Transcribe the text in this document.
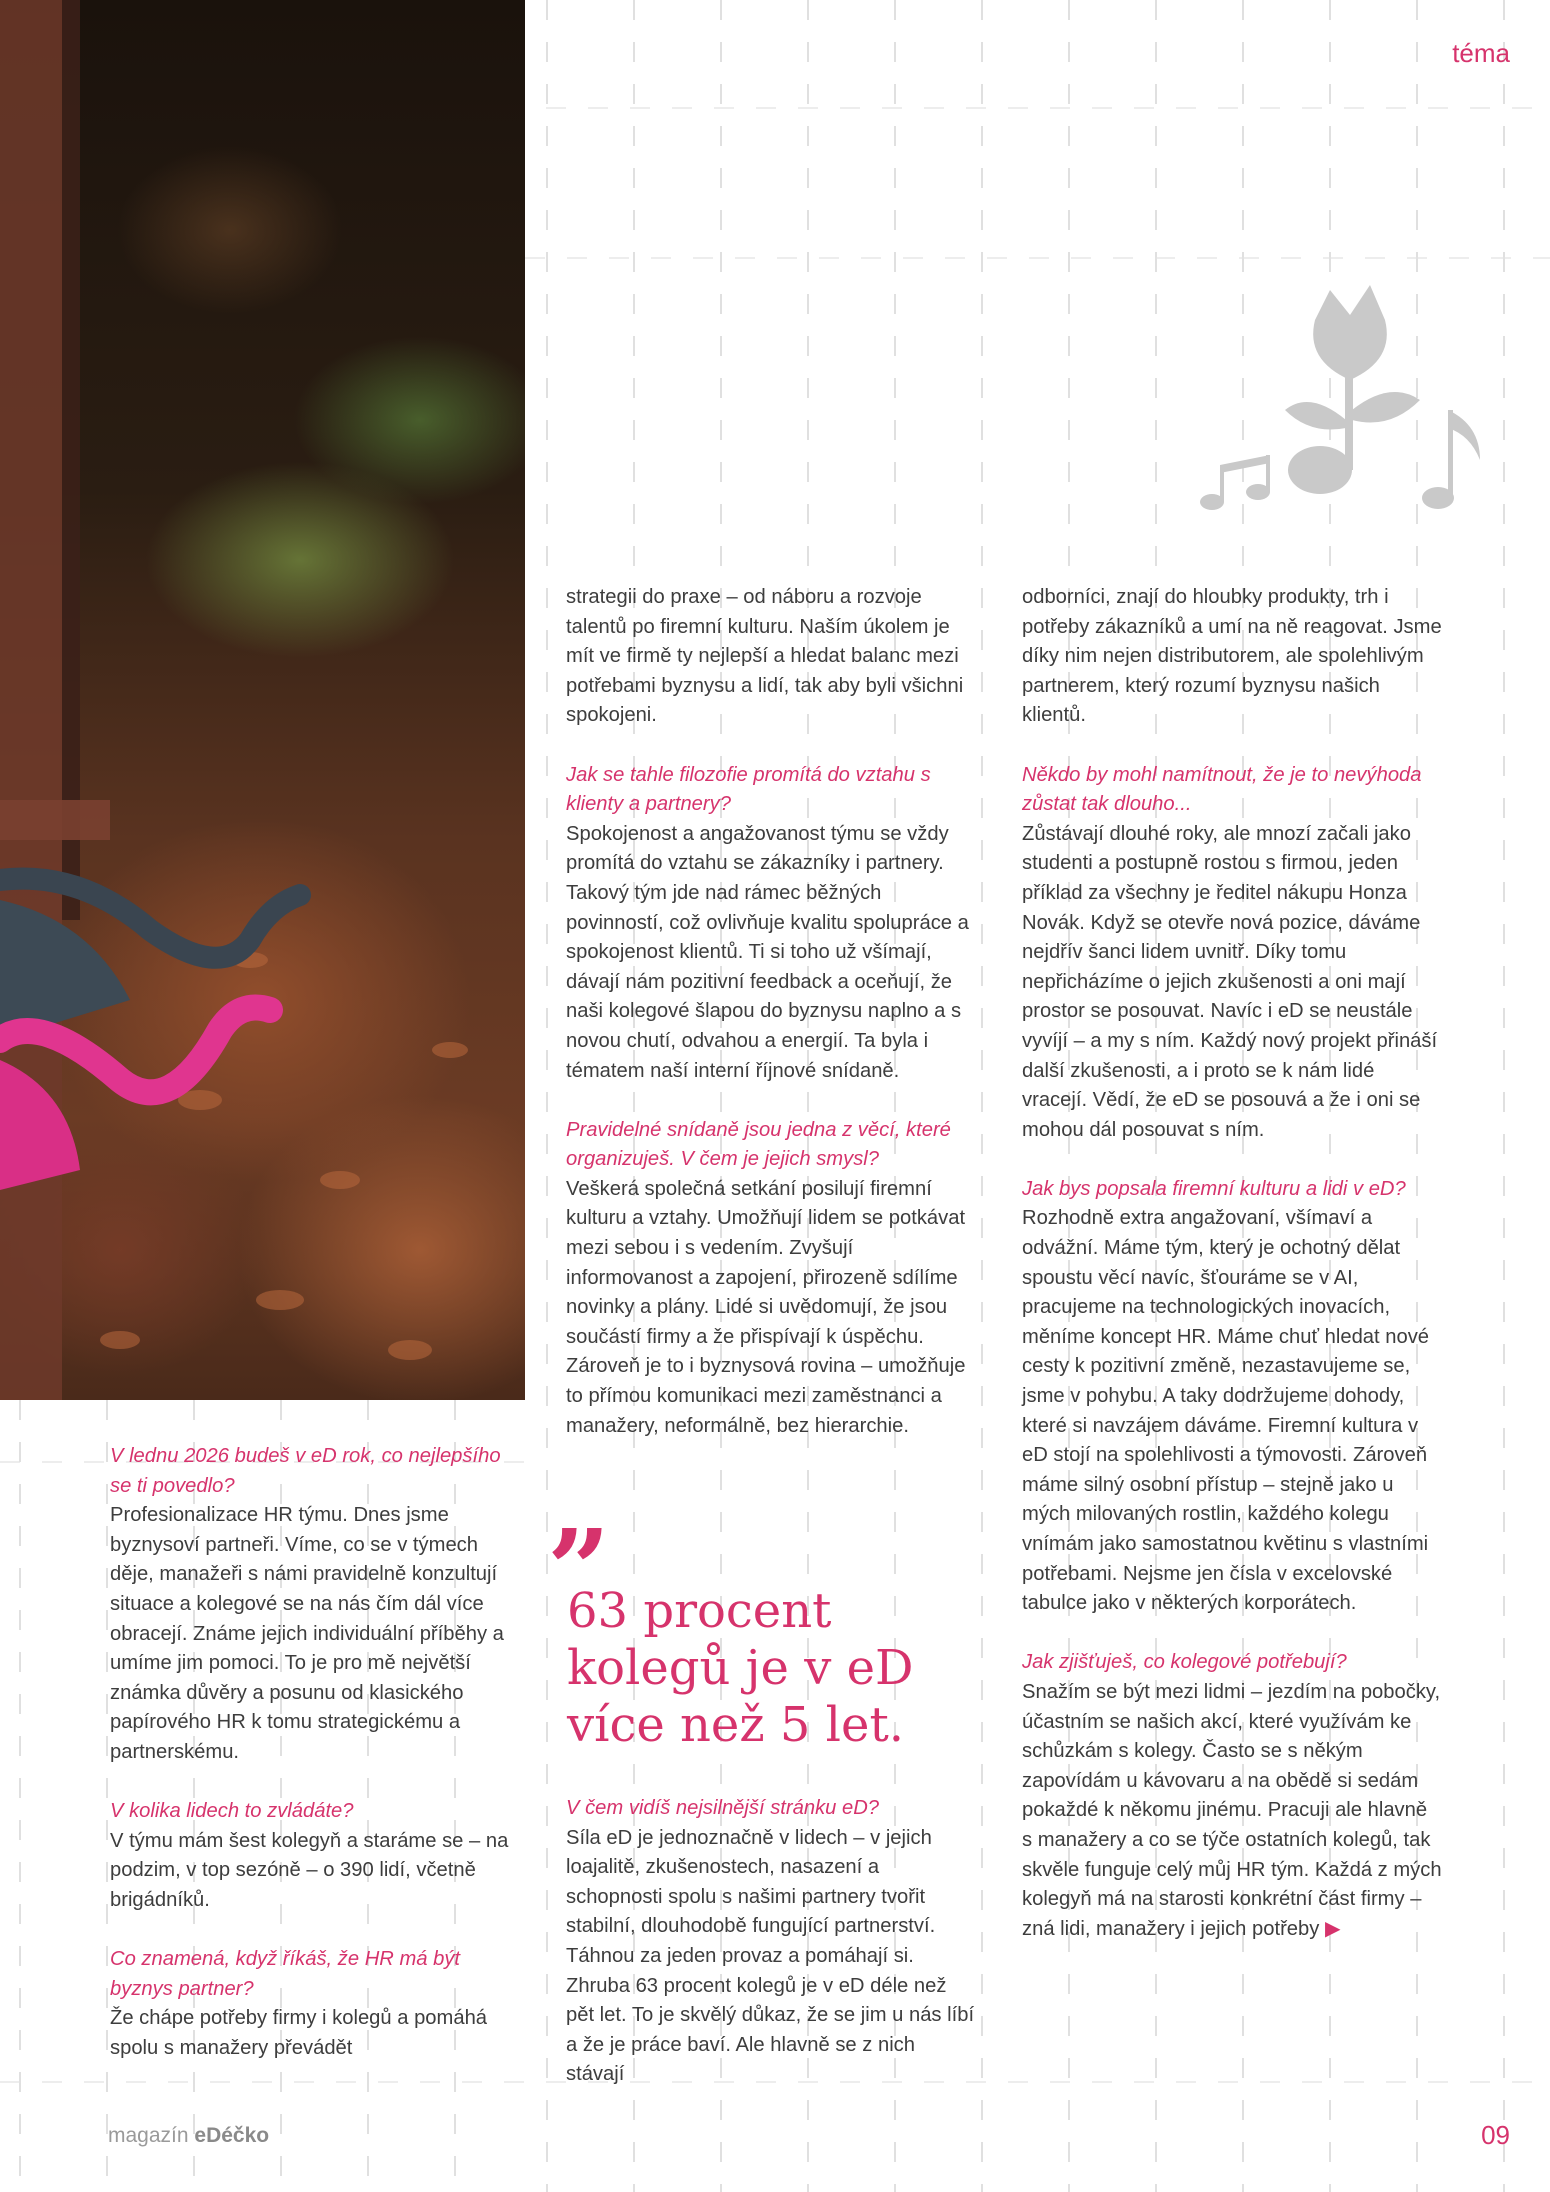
téma

V lednu 2026 budeš v eD rok, co nejlepšího se ti povedlo?
Profesionalizace HR týmu. Dnes jsme byznysoví partneři. Víme, co se v týmech děje, manažeři s námi pravidelně konzultují situace a kolegové se na nás čím dál více obracejí. Známe jejich individuální příběhy a umíme jim pomoci. To je pro mě největší známka důvěry a posunu od klasického papírového HR k tomu strategickému a partnerskému.

V kolika lidech to zvládáte?
V týmu mám šest kolegyň a staráme se – na podzim, v top sezóně – o 390 lidí, včetně brigádníků.

Co znamená, když říkáš, že HR má být byznys partner?
Že chápe potřeby firmy i kolegů a pomáhá spolu s manažery převádět

strategii do praxe – od náboru a rozvoje talentů po firemní kulturu. Naším úkolem je mít ve firmě ty nejlepší a hledat balanc mezi potřebami byznysu a lidí, tak aby byli všichni spokojeni.

Jak se tahle filozofie promítá do vztahu s klienty a partnery?
Spokojenost a angažovanost týmu se vždy promítá do vztahu se zákazníky i partnery. Takový tým jde nad rámec běžných povinností, což ovlivňuje kvalitu spolupráce a spokojenost klientů. Ti si toho už všímají, dávají nám pozitivní feedback a oceňují, že naši kolegové šlapou do byznysu naplno a s novou chutí, odvahou a energií. Ta byla i tématem naší interní říjnové snídaně.

Pravidelné snídaně jsou jedna z věcí, které organizuješ. V čem je jejich smysl?
Veškerá společná setkání posilují firemní kulturu a vztahy. Umožňují lidem se potkávat mezi sebou i s vedením. Zvyšují informovanost a zapojení, přirozeně sdílíme novinky a plány. Lidé si uvědomují, že jsou součástí firmy a že přispívají k úspěchu. Zároveň je to i byznysová rovina – umožňuje to přímou komunikaci mezi zaměstnanci a manažery, neformálně, bez hierarchie.

”
63 procent kolegů je v eD více než 5 let.

V čem vidíš nejsilnější stránku eD?
Síla eD je jednoznačně v lidech – v jejich loajalitě, zkušenostech, nasazení a schopnosti spolu s našimi partnery tvořit stabilní, dlouhodobě fungující partnerství. Táhnou za jeden provaz a pomáhají si. Zhruba 63 procent kolegů je v eD déle než pět let. To je skvělý důkaz, že se jim u nás líbí a že je práce baví. Ale hlavně se z nich stávají

odborníci, znají do hloubky produkty, trh i potřeby zákazníků a umí na ně reagovat. Jsme díky nim nejen distributorem, ale spolehlivým partnerem, který rozumí byznysu našich klientů.

Někdo by mohl namítnout, že je to nevýhoda zůstat tak dlouho...
Zůstávají dlouhé roky, ale mnozí začali jako studenti a postupně rostou s firmou, jeden příklad za všechny je ředitel nákupu Honza Novák. Když se otevře nová pozice, dáváme nejdřív šanci lidem uvnitř. Díky tomu nepřicházíme o jejich zkušenosti a oni mají prostor se posouvat. Navíc i eD se neustále vyvíjí – a my s ním. Každý nový projekt přináší další zkušenosti, a i proto se k nám lidé vracejí. Vědí, že eD se posouvá a že i oni se mohou dál posouvat s ním.

Jak bys popsala firemní kulturu a lidi v eD?
Rozhodně extra angažovaní, všímaví a odvážní. Máme tým, který je ochotný dělat spoustu věcí navíc, šťouráme se v AI, pracujeme na technologických inovacích, měníme koncept HR. Máme chuť hledat nové cesty k pozitivní změně, nezastavujeme se, jsme v pohybu. A taky dodržujeme dohody, které si navzájem dáváme. Firemní kultura v eD stojí na spolehlivosti a týmovosti. Zároveň máme silný osobní přístup – stejně jako u mých milovaných rostlin, každého kolegu vnímám jako samostatnou květinu s vlastními potřebami. Nejsme jen čísla v excelovské tabulce jako v některých korporátech.

Jak zjišťuješ, co kolegové potřebují?
Snažím se být mezi lidmi – jezdím na pobočky, účastním se našich akcí, které využívám ke schůzkám s kolegy. Často se s někým zapovídám u kávovaru a na obědě si sedám pokaždé k někomu jinému. Pracuji ale hlavně s manažery a co se týče ostatních kolegů, tak skvěle funguje celý můj HR tým. Každá z mých kolegyň má na starosti konkrétní část firmy – zná lidi, manažery i jejich potřeby ▶

magazín eDéčko	09
